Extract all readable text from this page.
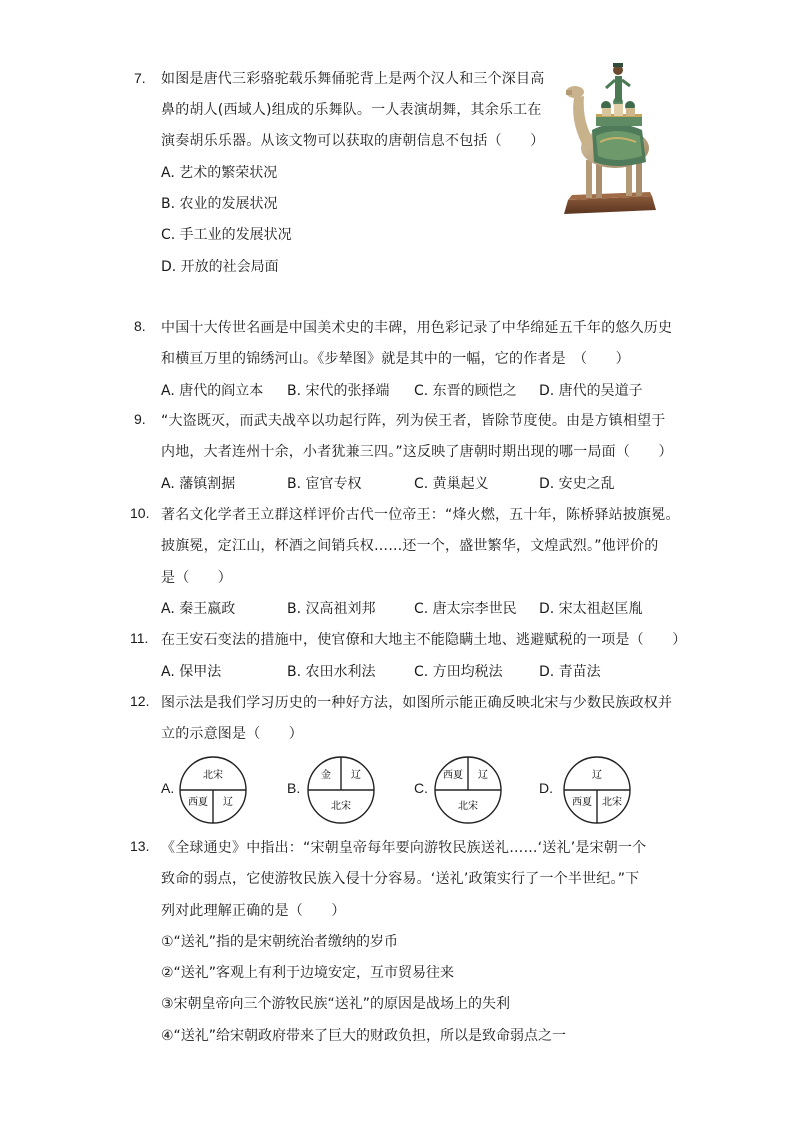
7. 如图是唐代三彩骆驼载乐舞俑驼背上是两个汉人和三个深目高
鼻的胡人(西域人)组成的乐舞队。一人表演胡舞，其余乐工在
演奏胡乐乐器。从该文物可以获取的唐朝信息不包括（　　）
A. 艺术的繁荣状况
B. 农业的发展状况
C. 手工业的发展状况
D. 开放的社会局面
8. 中国十大传世名画是中国美术史的丰碑，用色彩记录了中华绵延五千年的悠久历史
和横亘万里的锦绣河山。《步辇图》就是其中的一幅，它的作者是　（　　）
A. 唐代的阎立本 B. 宋代的张择端 C. 东晋的顾恺之 D. 唐代的吴道子
9. “大盗既灭，而武夫战卒以功起行阵，列为侯王者，皆除节度使。由是方镇相望于
内地，大者连州十余，小者犹兼三四。”这反映了唐朝时期出现的哪一局面（　　）
A. 藩镇割据	B. 宦官专权	C. 黄巢起义	D. 安史之乱
10. 著名文化学者王立群这样评价古代一位帝王：“烽火燃，五十年，陈桥驿站披旗冕。
披旗冕，定江山，杯酒之间销兵权……还一个，盛世繁华，文煌武烈。”他评价的
是（　　）
A. 秦王嬴政	B. 汉高祖刘邦	C. 唐太宗李世民 D. 宋太祖赵匡胤
11. 在王安石变法的措施中，使官僚和大地主不能隐瞒土地、逃避赋税的一项是（　　）
A. 保甲法	B. 农田水利法	C. 方田均税法	D. 青苗法
12. 图示法是我们学习历史的一种好方法，如图所示能正确反映北宋与少数民族政权并
立的示意图是（　　）
A.	B.	C.	D.
北宋
西夏 辽
金 辽
北宋
西夏 辽
北宋
辽
西夏 北宋
13. 《全球通史》中指出：“宋朝皇帝每年要向游牧民族送礼……‘送礼’是宋朝一个
致命的弱点，它使游牧民族入侵十分容易。‘送礼’政策实行了一个半世纪。”下
列对此理解正确的是（　　）
①“送礼”指的是宋朝统治者缴纳的岁币
②“送礼”客观上有利于边境安定，互市贸易往来
③宋朝皇帝向三个游牧民族“送礼”的原因是战场上的失利
④“送礼”给宋朝政府带来了巨大的财政负担，所以是致命弱点之一
